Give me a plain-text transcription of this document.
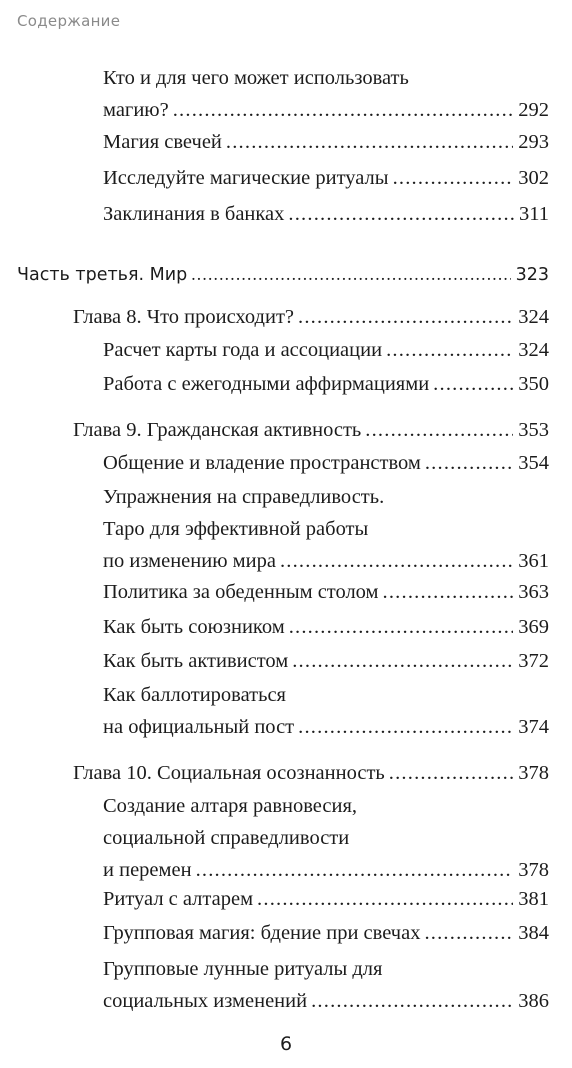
Содержание
Кто и для чего может использовать
магию? .....	292
Магия свечей .....	293
Исследуйте магические ритуалы .....	302
Заклинания в банках .....	311
Часть третья. Мир .....	323
Глава 8. Что происходит? .....	324
Расчет карты года и ассоциации .....	324
Работа с ежегодными аффирмациями .....	350
Глава 9. Гражданская активность .....	353
Общение и владение пространством .....	354
Упражнения на справедливость.
Таро для эффективной работы
по изменению мира .....	361
Политика за обеденным столом .....	363
Как быть союзником .....	369
Как быть активистом .....	372
Как баллотироваться
на официальный пост .....	374
Глава 10. Социальная осознанность .....	378
Создание алтаря равновесия,
социальной справедливости
и перемен .....	378
Ритуал с алтарем .....	381
Групповая магия: бдение при свечах .....	384
Групповые лунные ритуалы для
социальных изменений .....	386
6
